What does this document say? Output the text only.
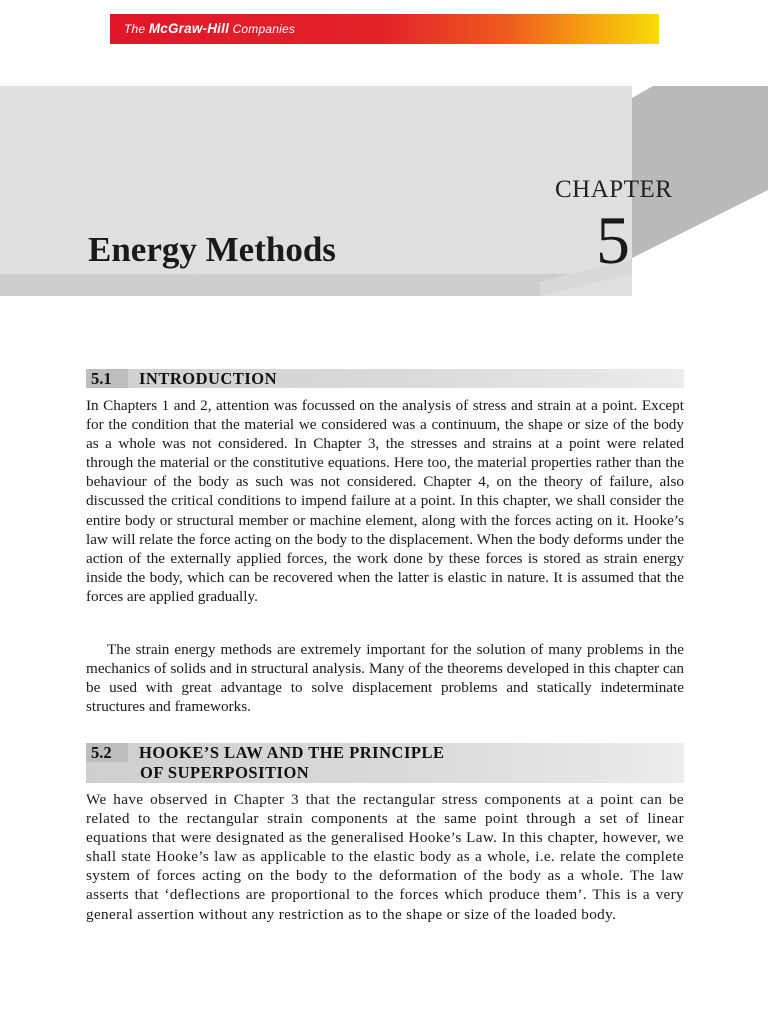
The McGraw-Hill Companies
CHAPTER
5
Energy Methods
5.1 INTRODUCTION

In Chapters 1 and 2, attention was focussed on the analysis of stress and strain at a point. Except for the condition that the material we considered was a continuum, the shape or size of the body as a whole was not considered. In Chapter 3, the stresses and strains at a point were related through the material or the constitutive equations. Here too, the material properties rather than the behaviour of the body as such was not considered. Chapter 4, on the theory of failure, also discussed the critical conditions to impend failure at a point. In this chapter, we shall consider the entire body or structural member or machine element, along with the forces acting on it. Hooke’s law will relate the force acting on the body to the displacement. When the body deforms under the action of the externally applied forces, the work done by these forces is stored as strain energy inside the body, which can be recovered when the latter is elastic in nature. It is assumed that the forces are applied gradually.

The strain energy methods are extremely important for the solution of many problems in the mechanics of solids and in structural analysis. Many of the theorems developed in this chapter can be used with great advantage to solve displacement problems and statically indeterminate structures and frameworks.

5.2 HOOKE’S LAW AND THE PRINCIPLE
OF SUPERPOSITION

We have observed in Chapter 3 that the rectangular stress components at a point can be related to the rectangular strain components at the same point through a set of linear equations that were designated as the generalised Hooke’s Law. In this chapter, however, we shall state Hooke’s law as applicable to the elastic body as a whole, i.e. relate the complete system of forces acting on the body to the deformation of the body as a whole. The law asserts that ‘deflections are proportional to the forces which produce them’. This is a very general assertion without any restriction as to the shape or size of the loaded body.
